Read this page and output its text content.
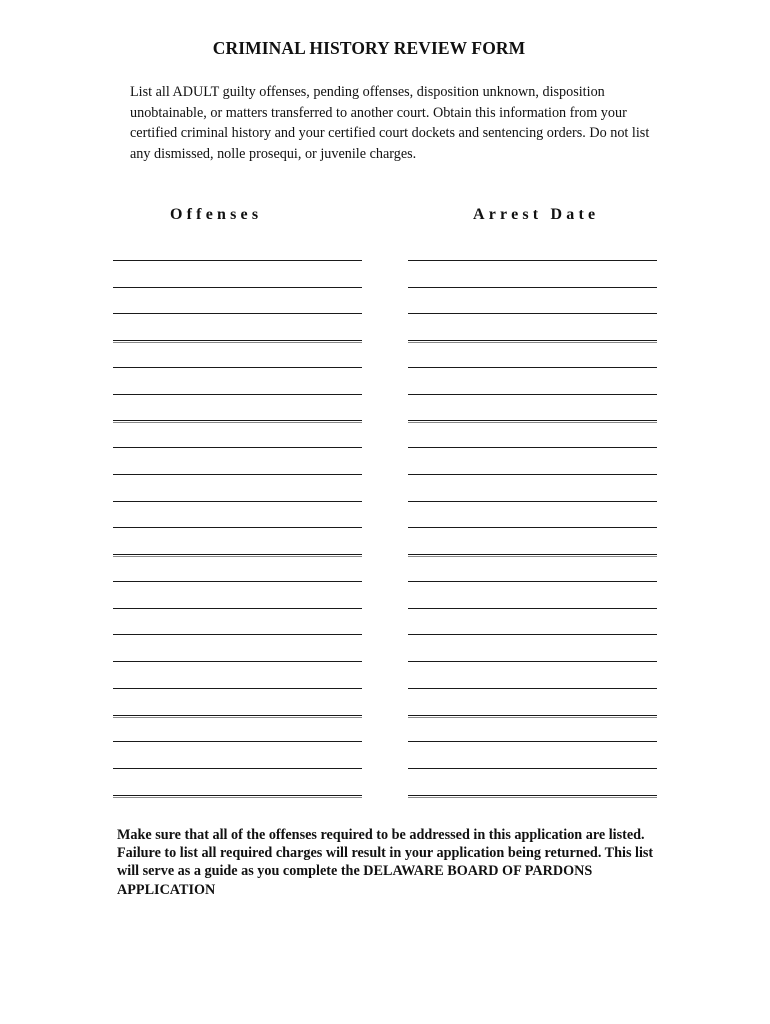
CRIMINAL HISTORY REVIEW FORM

List all ADULT guilty offenses, pending offenses, disposition unknown, disposition unobtainable, or matters transferred to another court. Obtain this information from your certified criminal history and your certified court dockets and sentencing orders. Do not list any dismissed, nolle prosequi, or juvenile charges.

Offenses	Arrest Date

Make sure that all of the offenses required to be addressed in this application are listed. Failure to list all required charges will result in your application being returned. This list will serve as a guide as you complete the DELAWARE BOARD OF PARDONS APPLICATION
